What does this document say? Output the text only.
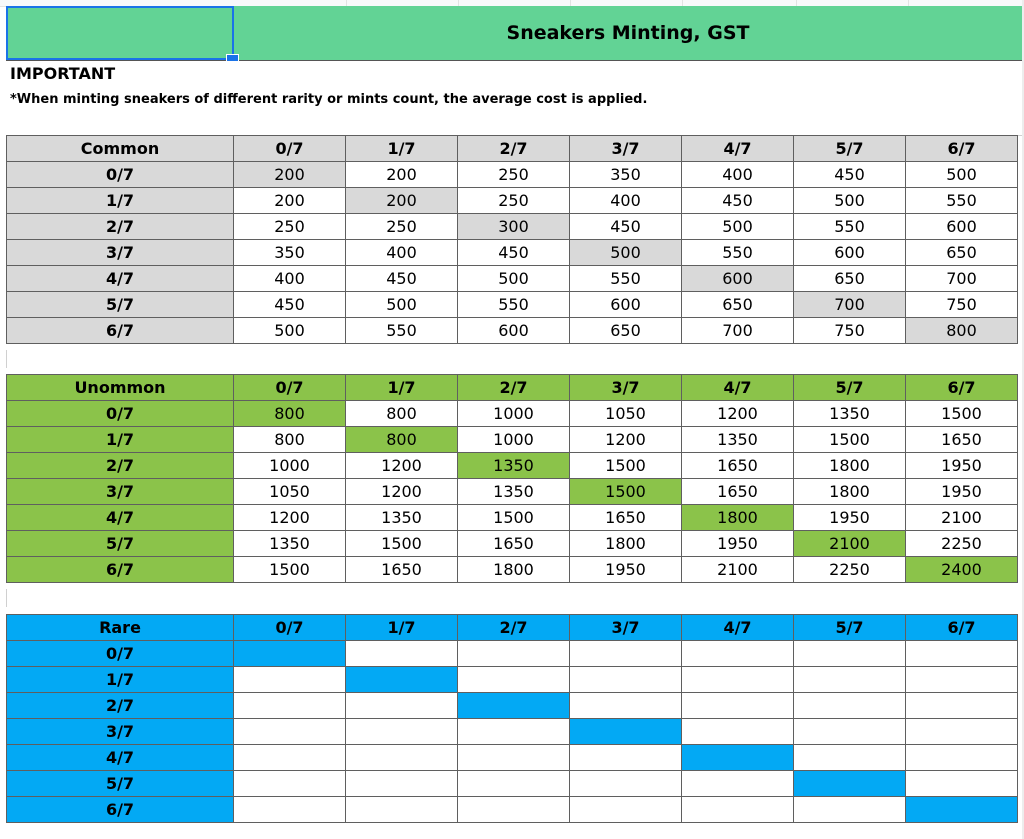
Sneakers Minting, GST
IMPORTANT
*When minting sneakers of different rarity or mints count, the average cost is applied.
Common	0/7	1/7	2/7	3/7	4/7	5/7	6/7
0/7	200	200	250	350	400	450	500
1/7	200	200	250	400	450	500	550
2/7	250	250	300	450	500	550	600
3/7	350	400	450	500	550	600	650
4/7	400	450	500	550	600	650	700
5/7	450	500	550	600	650	700	750
6/7	500	550	600	650	700	750	800
Unommon	0/7	1/7	2/7	3/7	4/7	5/7	6/7
0/7	800	800	1000	1050	1200	1350	1500
1/7	800	800	1000	1200	1350	1500	1650
2/7	1000	1200	1350	1500	1650	1800	1950
3/7	1050	1200	1350	1500	1650	1800	1950
4/7	1200	1350	1500	1650	1800	1950	2100
5/7	1350	1500	1650	1800	1950	2100	2250
6/7	1500	1650	1800	1950	2100	2250	2400
Rare	0/7	1/7	2/7	3/7	4/7	5/7	6/7
0/7							
1/7							
2/7							
3/7							
4/7							
5/7							
6/7							
